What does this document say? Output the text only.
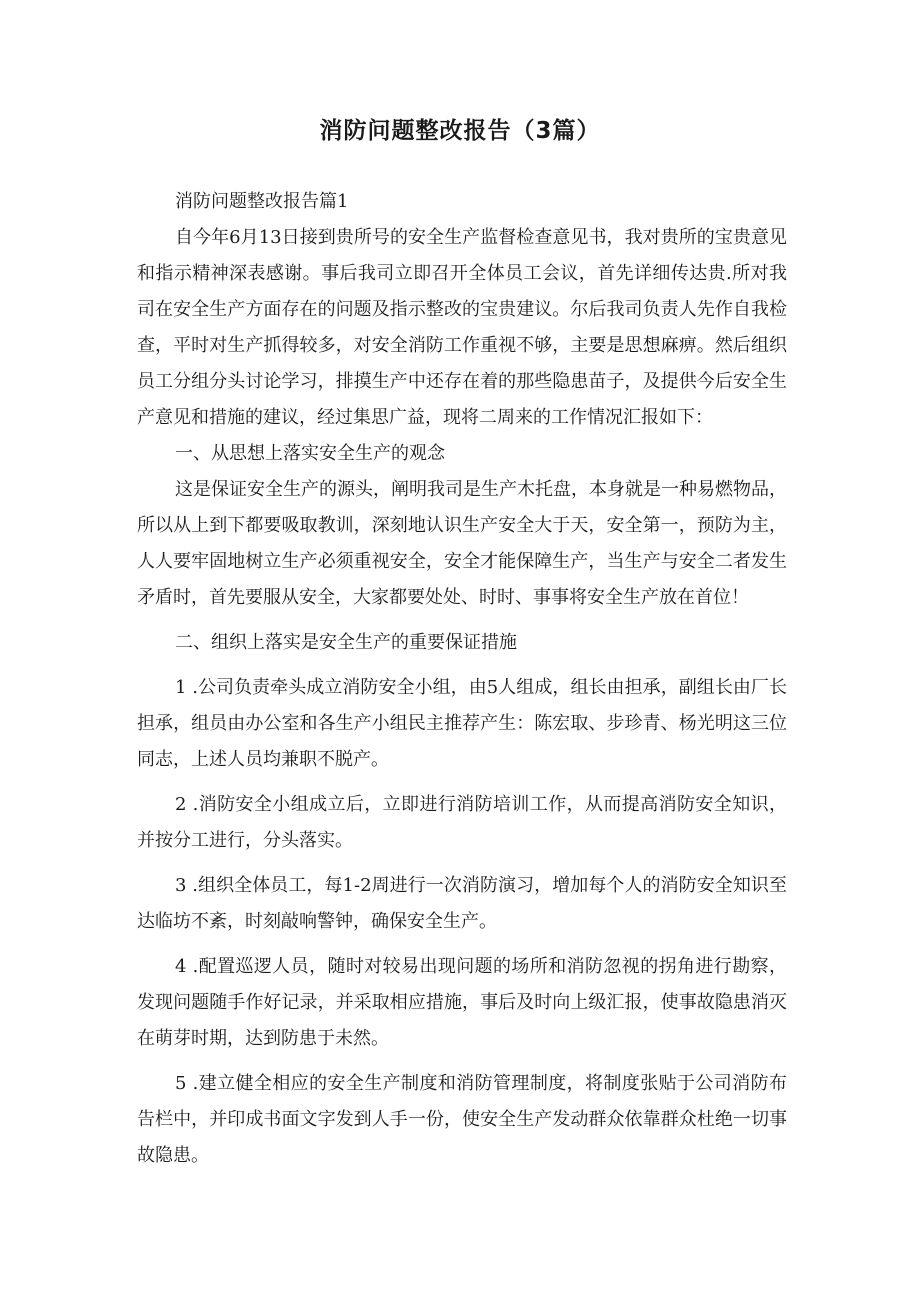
消防问题整改报告（3篇）

消防问题整改报告篇1

自今年6月13日接到贵所号的安全生产监督检查意见书，我对贵所的宝贵意见和指示精神深表感谢。事后我司立即召开全体员工会议，首先详细传达贵.所对我司在安全生产方面存在的问题及指示整改的宝贵建议。尔后我司负责人先作自我检查，平时对生产抓得较多，对安全消防工作重视不够，主要是思想麻痹。然后组织员工分组分头讨论学习，排摸生产中还存在着的那些隐患苗子，及提供今后安全生产意见和措施的建议，经过集思广益，现将二周来的工作情况汇报如下：

一、从思想上落实安全生产的观念

这是保证安全生产的源头，阐明我司是生产木托盘，本身就是一种易燃物品，所以从上到下都要吸取教训，深刻地认识生产安全大于天，安全第一，预防为主，人人要牢固地树立生产必须重视安全，安全才能保障生产，当生产与安全二者发生矛盾时，首先要服从安全，大家都要处处、时时、事事将安全生产放在首位！

二、组织上落实是安全生产的重要保证措施

1 .公司负责牵头成立消防安全小组，由5人组成，组长由担承，副组长由厂长担承，组员由办公室和各生产小组民主推荐产生：陈宏取、步珍青、杨光明这三位同志，上述人员均兼职不脱产。

2 .消防安全小组成立后，立即进行消防培训工作，从而提高消防安全知识，并按分工进行，分头落实。

3 .组织全体员工，每1-2周进行一次消防演习，增加每个人的消防安全知识至达临坊不紊，时刻敲响警钟，确保安全生产。

4 .配置巡逻人员，随时对较易出现问题的场所和消防忽视的拐角进行勘察，发现问题随手作好记录，并采取相应措施，事后及时向上级汇报，使事故隐患消灭在萌芽时期，达到防患于未然。

5 .建立健全相应的安全生产制度和消防管理制度，将制度张贴于公司消防布告栏中，并印成书面文字发到人手一份，使安全生产发动群众依靠群众杜绝一切事故隐患。
